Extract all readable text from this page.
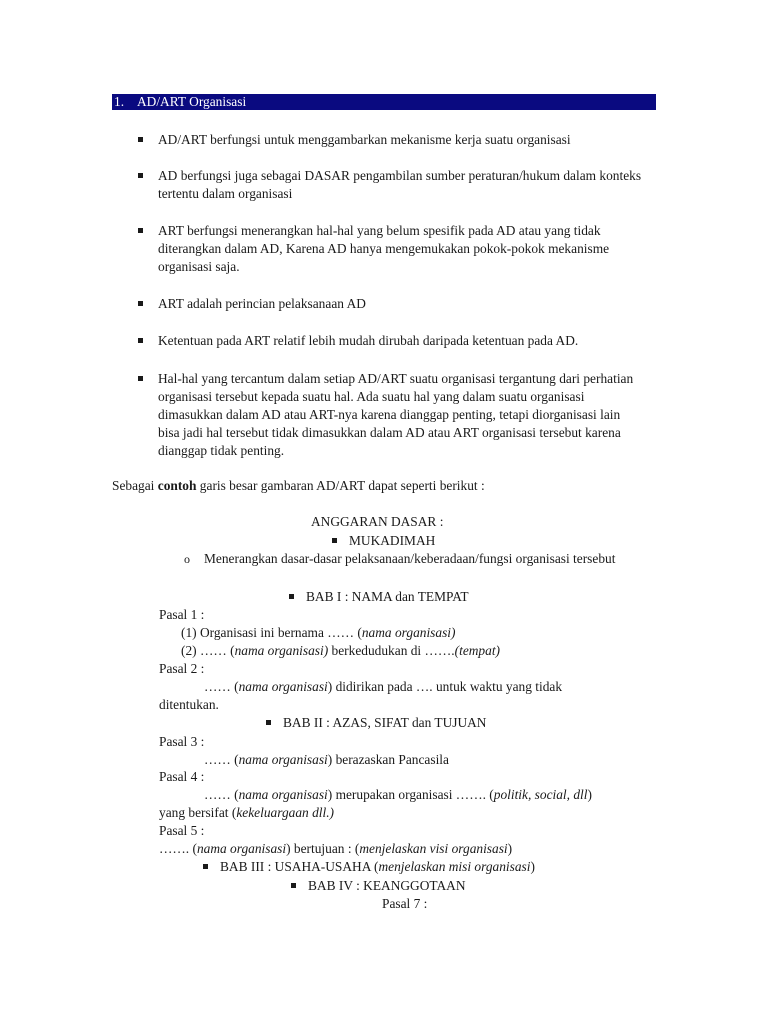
1. AD/ART Organisasi
AD/ART berfungsi untuk menggambarkan mekanisme kerja suatu organisasi
AD berfungsi juga sebagai DASAR pengambilan sumber peraturan/hukum dalam konteks tertentu dalam organisasi
ART berfungsi menerangkan hal-hal yang belum spesifik pada AD atau yang tidak diterangkan dalam AD, Karena AD hanya mengemukakan pokok-pokok mekanisme organisasi saja.
ART adalah perincian pelaksanaan AD
Ketentuan pada ART relatif lebih mudah dirubah daripada ketentuan pada AD.
Hal-hal yang tercantum dalam setiap AD/ART suatu organisasi tergantung dari perhatian organisasi tersebut kepada suatu hal. Ada suatu hal yang dalam suatu organisasi dimasukkan dalam AD atau ART-nya karena dianggap penting, tetapi diorganisasi lain bisa jadi hal tersebut tidak dimasukkan dalam AD atau ART organisasi tersebut karena dianggap tidak penting.
Sebagai contoh garis besar gambaran AD/ART dapat seperti berikut :
ANGGARAN DASAR :
MUKADIMAH
o Menerangkan dasar-dasar pelaksanaan/keberadaan/fungsi organisasi tersebut
BAB I : NAMA dan TEMPAT
Pasal 1 :
(1) Organisasi ini bernama …… (nama organisasi)
(2) …… (nama organisasi) berkedudukan di …….(tempat)
Pasal 2 :
…… (nama organisasi) didirikan pada …. untuk waktu yang tidak
ditentukan.
BAB II : AZAS, SIFAT dan TUJUAN
Pasal 3 :
…… (nama organisasi) berazaskan Pancasila
Pasal 4 :
…… (nama organisasi) merupakan organisasi ……. (politik, social, dll)
yang bersifat (kekeluargaan dll.)
Pasal 5 :
……. (nama organisasi) bertujuan : (menjelaskan visi organisasi)
BAB III : USAHA-USAHA (menjelaskan misi organisasi)
BAB IV : KEANGGOTAAN
Pasal 7 :
